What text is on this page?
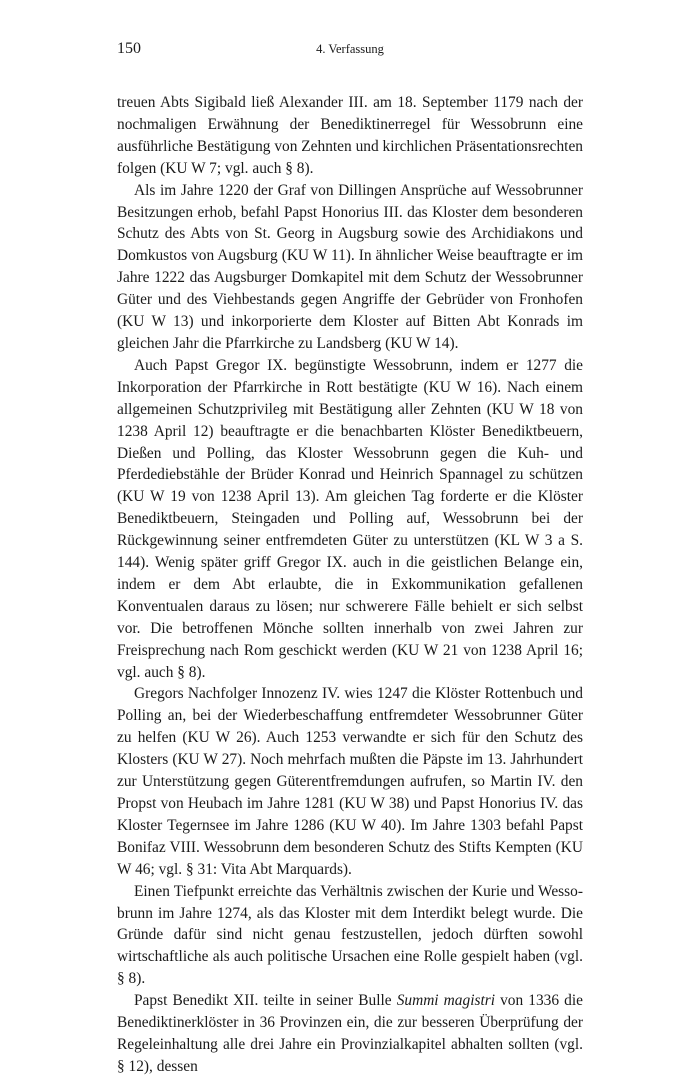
150	4. Verfassung

treuen Abts Sigibald ließ Alexander III. am 18. September 1179 nach der nochmaligen Erwähnung der Benediktinerregel für Wessobrunn eine ausführliche Bestätigung von Zehnten und kirchlichen Präsentationsrechten folgen (KU W 7; vgl. auch § 8).

Als im Jahre 1220 der Graf von Dillingen Ansprüche auf Wessobrunner Besitzungen erhob, befahl Papst Honorius III. das Kloster dem besonderen Schutz des Abts von St. Georg in Augsburg sowie des Archidiakons und Domkustos von Augsburg (KU W 11). In ähnlicher Weise beauftragte er im Jahre 1222 das Augsburger Domkapitel mit dem Schutz der Wessobrunner Güter und des Viehbestands gegen Angriffe der Gebrüder von Fronhofen (KU W 13) und inkorporierte dem Kloster auf Bitten Abt Konrads im gleichen Jahr die Pfarrkirche zu Landsberg (KU W 14).

Auch Papst Gregor IX. begünstigte Wessobrunn, indem er 1277 die Inkorporation der Pfarrkirche in Rott bestätigte (KU W 16). Nach einem allgemeinen Schutzprivileg mit Bestätigung aller Zehnten (KU W 18 von 1238 April 12) beauftragte er die benachbarten Klöster Benediktbeuern, Dießen und Polling, das Kloster Wessobrunn gegen die Kuh- und Pferdediebstähle der Brüder Konrad und Heinrich Spannagel zu schützen (KU W 19 von 1238 April 13). Am gleichen Tag forderte er die Klöster Benediktbeuern, Steingaden und Polling auf, Wessobrunn bei der Rückgewinnung seiner entfremdeten Güter zu unterstützen (KL W 3 a S. 144). Wenig später griff Gregor IX. auch in die geistlichen Belange ein, indem er dem Abt erlaubte, die in Exkommunikation gefallenen Konventualen daraus zu lösen; nur schwerere Fälle behielt er sich selbst vor. Die betroffenen Mönche sollten innerhalb von zwei Jahren zur Freisprechung nach Rom geschickt werden (KU W 21 von 1238 April 16; vgl. auch § 8).

Gregors Nachfolger Innozenz IV. wies 1247 die Klöster Rottenbuch und Polling an, bei der Wiederbeschaffung entfremdeter Wessobrunner Güter zu helfen (KU W 26). Auch 1253 verwandte er sich für den Schutz des Klosters (KU W 27). Noch mehrfach mußten die Päpste im 13. Jahrhundert zur Unterstützung gegen Güterentfremdungen aufrufen, so Martin IV. den Propst von Heubach im Jahre 1281 (KU W 38) und Papst Honorius IV. das Kloster Tegernsee im Jahre 1286 (KU W 40). Im Jahre 1303 befahl Papst Bonifaz VIII. Wessobrunn dem besonderen Schutz des Stifts Kempten (KU W 46; vgl. § 31: Vita Abt Marquards).

Einen Tiefpunkt erreichte das Verhältnis zwischen der Kurie und Wessobrunn im Jahre 1274, als das Kloster mit dem Interdikt belegt wurde. Die Gründe dafür sind nicht genau festzustellen, jedoch dürften sowohl wirtschaftliche als auch politische Ursachen eine Rolle gespielt haben (vgl. § 8).

Papst Benedikt XII. teilte in seiner Bulle Summi magistri von 1336 die Benediktinerklöster in 36 Provinzen ein, die zur besseren Überprüfung der Regeleinhaltung alle drei Jahre ein Provinzialkapitel abhalten sollten (vgl. § 12), dessen
